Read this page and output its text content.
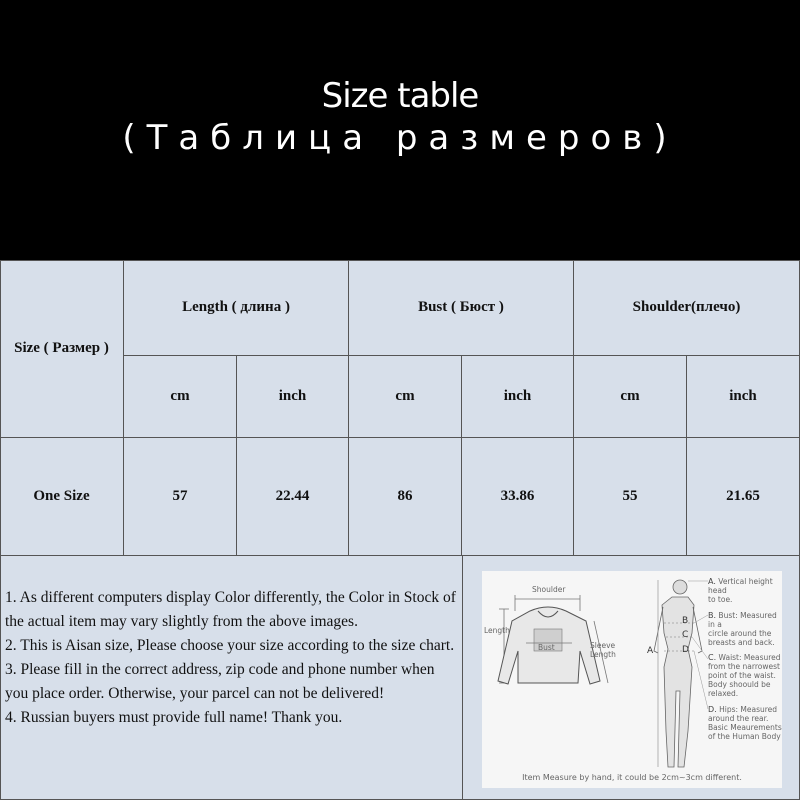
Size table
(Таблица размеров)
Size ( Размер )
Length ( длина )	Bust ( Бюст )	Shoulder(плечо)
cm	inch	cm	inch	cm	inch
One Size	57	22.44	86	33.86	55	21.65

1. As different computers display Color differently, the Color in Stock of the actual item may vary slightly from the above images.

2. This is Aisan size, Please choose your size according to the size chart.

3. Please fill in the correct address, zip code and phone number when you place order. Otherwise, your parcel can not be delivered!

4. Russian buyers must provide full name! Thank you.

Shoulder
Length
Bust	Sleeve
Length	A
B
C
D
A. Vertical height head
to toe.
B. Bust: Measured in a
circle around the
breasts and back.
C. Waist: Measured
from the narrowest
point of the waist.
Body shoould be
relaxed.
D. Hips: Measured
around the rear.
Basic Meaurements
of the Human Body
Item Measure by hand, it could be 2cm~3cm different.
